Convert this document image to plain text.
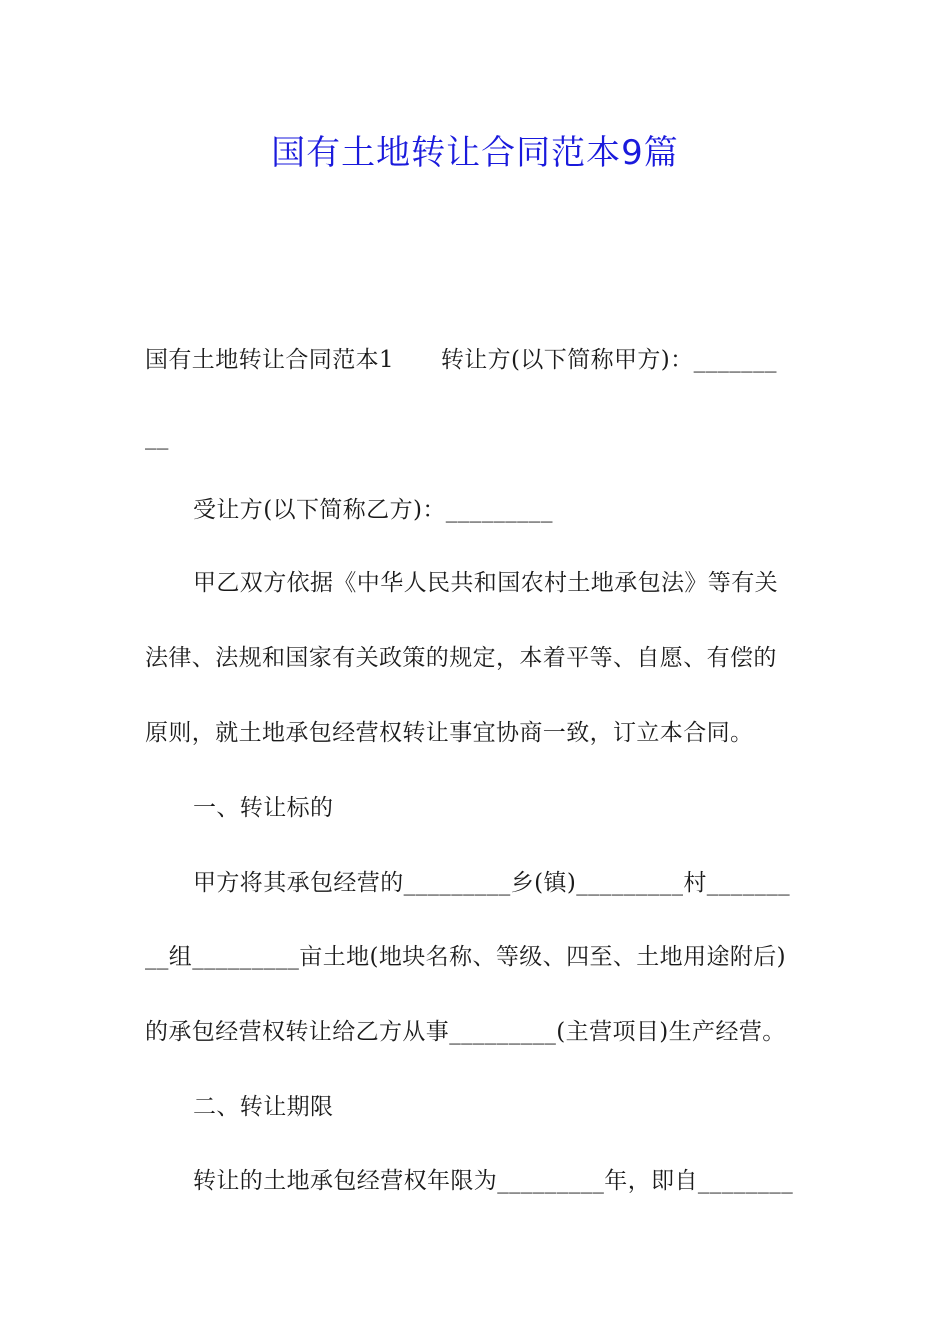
国有土地转让合同范本9篇
国有土地转让合同范本1　　转让方(以下简称甲方)：_______
__
受让方(以下简称乙方)：_________
甲乙双方依据《中华人民共和国农村土地承包法》等有关
法律、法规和国家有关政策的规定，本着平等、自愿、有偿的
原则，就土地承包经营权转让事宜协商一致，订立本合同。
一、转让标的
甲方将其承包经营的_________乡(镇)_________村_______
__组_________亩土地(地块名称、等级、四至、土地用途附后)
的承包经营权转让给乙方从事_________(主营项目)生产经营。
二、转让期限
转让的土地承包经营权年限为_________年，即自________
